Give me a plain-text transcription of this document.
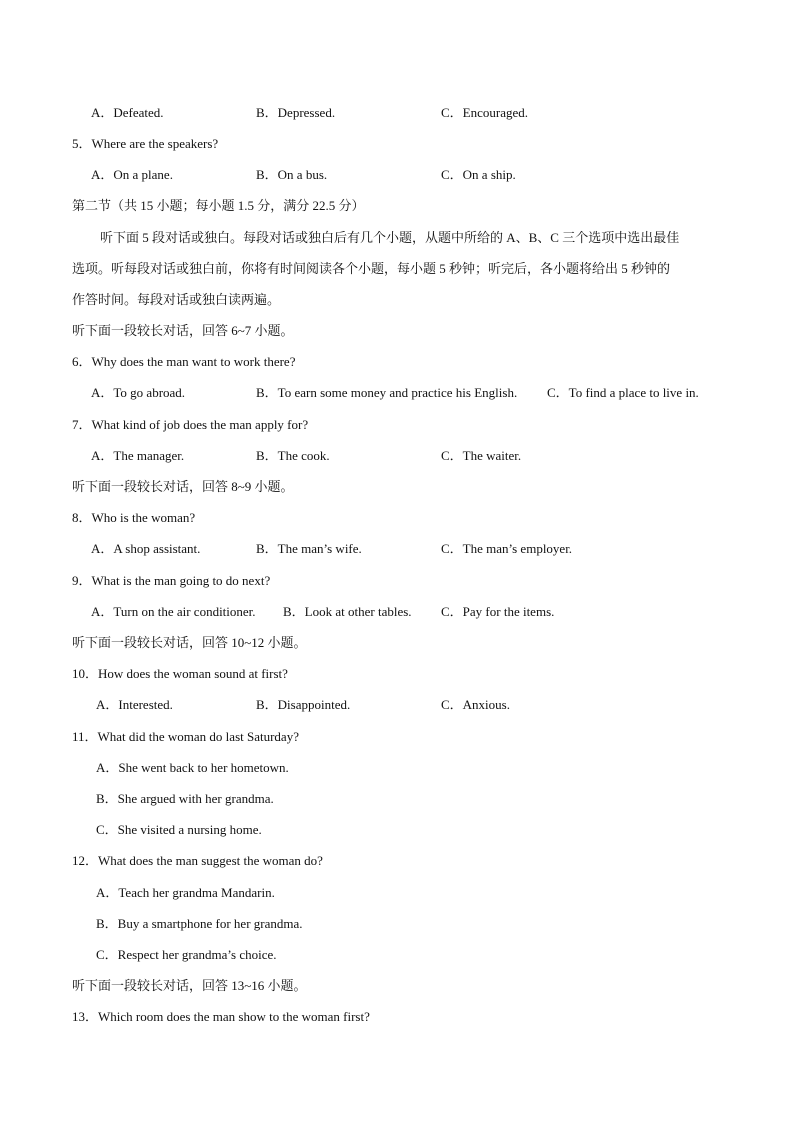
A．Defeated.	B．Depressed.	C．Encouraged.
5．Where are the speakers?
A．On a plane.	B．On a bus.	C．On a ship.
第二节（共 15 小题；每小题 1.5 分，满分 22.5 分）
听下面 5 段对话或独白。每段对话或独白后有几个小题，从题中所给的 A、B、C 三个选项中选出最佳
选项。听每段对话或独白前，你将有时间阅读各个小题，每小题 5 秒钟；听完后，各小题将给出 5 秒钟的
作答时间。每段对话或独白读两遍。
听下面一段较长对话，回答 6~7 小题。
6．Why does the man want to work there?
A．To go abroad.	B．To earn some money and practice his English. C．To find a place to live in.
7．What kind of job does the man apply for?
A．The manager.	B．The cook.	C．The waiter.
听下面一段较长对话，回答 8~9 小题。
8．Who is the woman?
A．A shop assistant.	B．The man’s wife.	C．The man’s employer.
9．What is the man going to do next?
A．Turn on the air conditioner. B．Look at other tables. C．Pay for the items.
听下面一段较长对话，回答 10~12 小题。
10．How does the woman sound at first?
A．Interested.	B．Disappointed.	C．Anxious.
11．What did the woman do last Saturday?
A．She went back to her hometown.
B．She argued with her grandma.
C．She visited a nursing home.
12．What does the man suggest the woman do?
A．Teach her grandma Mandarin.
B．Buy a smartphone for her grandma.
C．Respect her grandma’s choice.
听下面一段较长对话，回答 13~16 小题。
13．Which room does the man show to the woman first?
